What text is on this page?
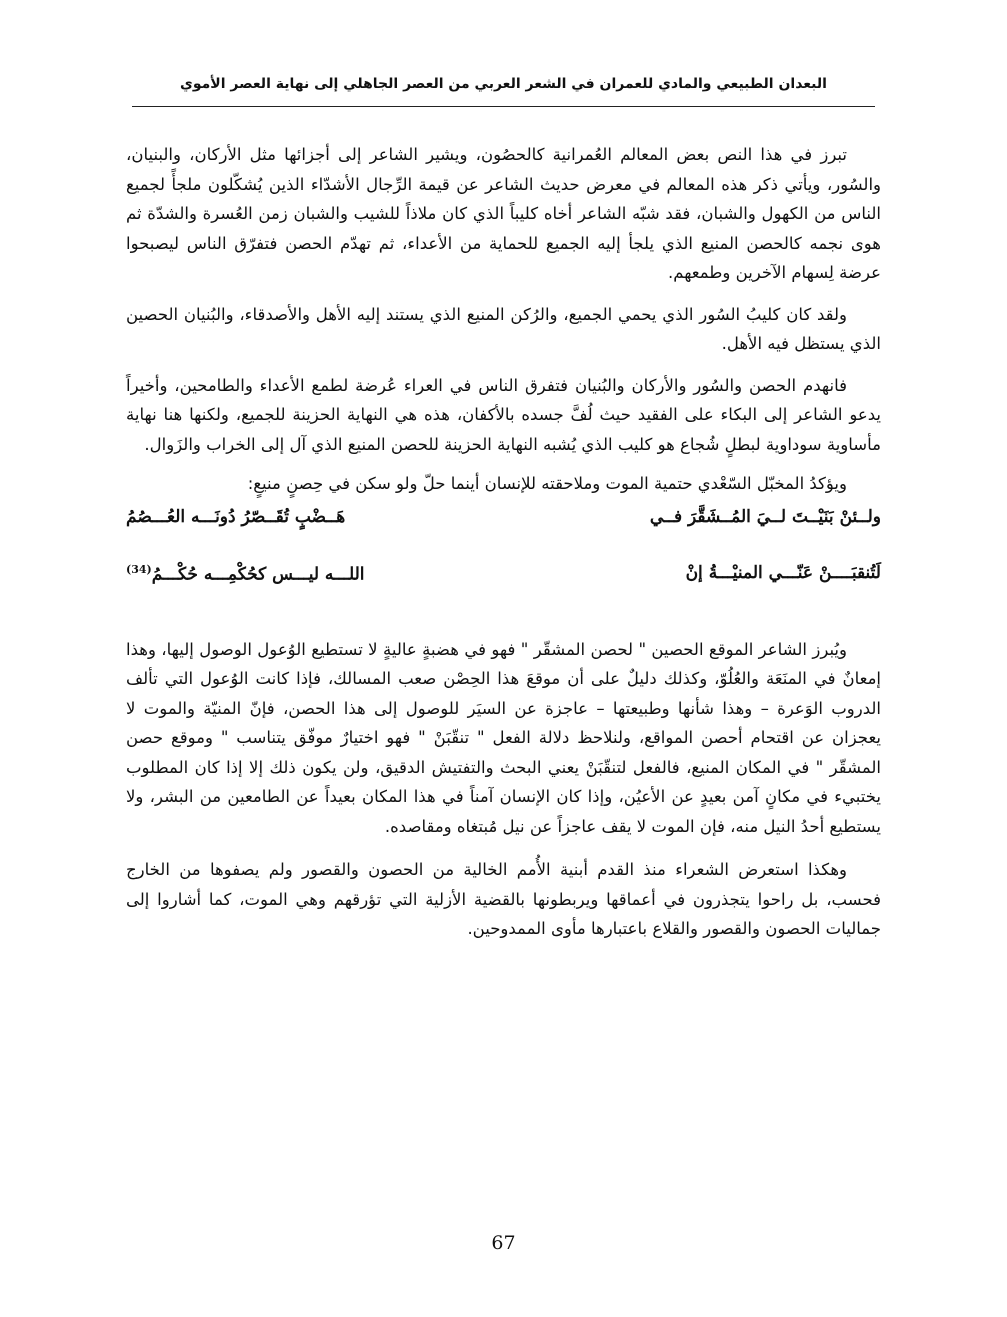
البعدان الطبيعي والمادي للعمران في الشعر العربي من العصر الجاهلي إلى نهاية العصر الأموي

تبرز في هذا النص بعض المعالم العُمرانية كالحصُون، ويشير الشاعر إلى أجزائها مثل الأركان، والبنيان، والسُور، ويأتي ذكر هذه المعالم في معرض حديث الشاعر عن قيمة الرِّجال الأشدّاء الذين يُشكّلون ملجأً لجميع الناس من الكهول والشبان، فقد شبّه الشاعر أخاه كليباً الذي كان ملاذاً للشيب والشبان زمن العُسرة والشدّة ثم هوى نجمه كالحصن المنيع الذي يلجأ إليه الجميع للحماية من الأعداء، ثم تهدّم الحصن فتفرّق الناس ليصبحوا عرضة لِسهام الآخرين وطمعهم.

ولقد كان كليبُ السُور الذي يحمي الجميع، والرُكن المنيع الذي يستند إليه الأهل والأصدقاء، والبُنيان الحصين الذي يستظل فيه الأهل.

فانهدم الحصن والسُور والأركان والبُنيان فتفرق الناس في العراء عُرضة لطمع الأعداء والطامحين، وأخيراً يدعو الشاعر إلى البكاء على الفقيد حيث لُفَّ جسده بالأكفان، هذه هي النهاية الحزينة للجميع، ولكنها هنا نهاية مأساوية سوداوية لبطلٍ شُجاع هو كليب الذي يُشبه النهاية الحزينة للحصن المنيع الذي آل إلى الخراب والزَوال.

ويؤكدُ المخبّل السّعْدي حتمية الموت وملاحقته للإنسان أينما حلّ ولو سكن في حِصنٍ منيعٍ:

ولــئنْ بَنَيْــتَ لــيَ المُــشَقَّرَ فــي
هَــضْبٍ تُقَــصّرُ دُونَـــه العُـــصُمُ
لَتُنقبَــــنْ عَنّـــي المنيْـــةُ إنْ
اللـــه ليـــس كحُكْمِـــه حُكْـــمُ$^{(34)}$

ويُبرز الشاعر الموقع الحصين " لحصن المشقّر " فهو في هضبةٍ عاليةٍ لا تستطيع الوُعول الوصول إليها، وهذا إمعانٌ في المنَعَة والعُلُوّ، وكذلك دليلٌ على أن موقعَ هذا الحِصْن صعب المسالك، فإذا كانت الوُعول التي تألف الدروب الوَعرة – وهذا شأنها وطبيعتها – عاجزة عن السيَر للوصول إلى هذا الحصن، فإنّ المنيّة والموت لا يعجزان عن اقتحام أحصن المواقع، ولنلاحظ دلالة الفعل " تنقّبَنْ " فهو اختيارٌ موفّق يتناسب " وموقع حصن المشقّر " في المكان المنيع، فالفعل لتنقّبَنْ يعني البحث والتفتيش الدقيق، ولن يكون ذلك إلا إذا كان المطلوب يختبيء في مكانٍ آمن بعيدٍ عن الأعيُن، وإذا كان الإنسان آمناً في هذا المكان بعيداً عن الطامعين من البشر، ولا يستطيع أحدُ النيل منه، فإن الموت لا يقف عاجزاً عن نيل مُبتغاه ومقاصده.

وهكذا استعرض الشعراء منذ القدم أبنية الأُمم الخالية من الحصون والقصور ولم يصفوها من الخارج فحسب، بل راحوا يتجذرون في أعماقها ويربطونها بالقضية الأزلية التي تؤرقهم وهي الموت، كما أشاروا إلى جماليات الحصون والقصور والقلاع باعتبارها مأوى الممدوحين.

67
